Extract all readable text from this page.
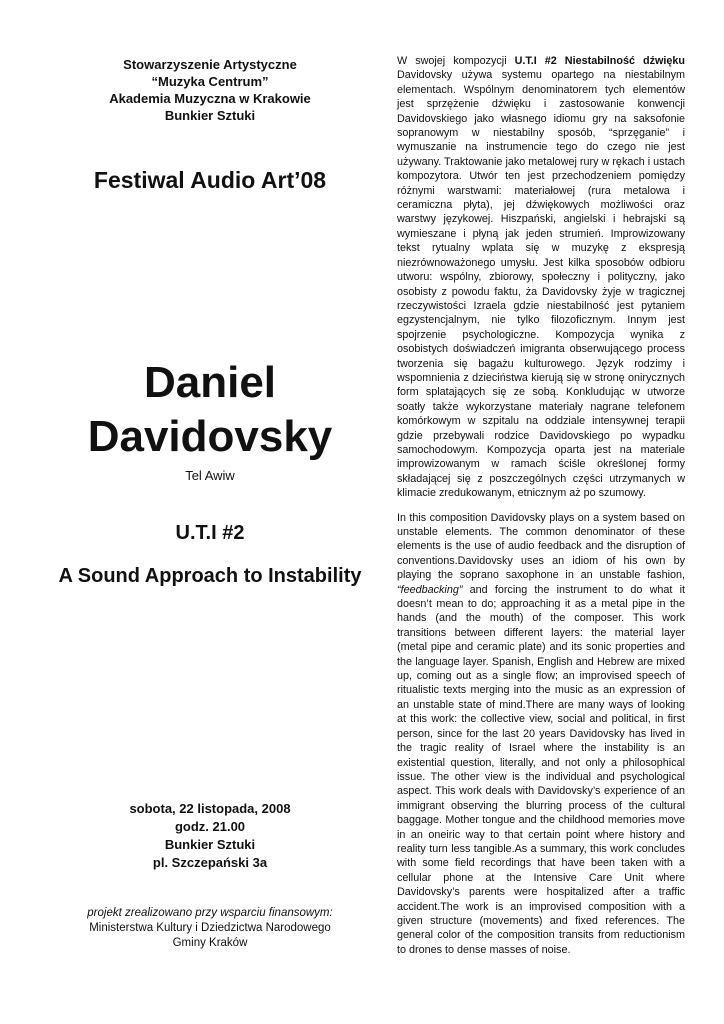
Stowarzyszenie Artystyczne

“Muzyka Centrum”

Akademia Muzyczna w Krakowie

Bunkier Sztuki

Festiwal Audio Art’08
Daniel
Davidovsky
Tel Awiw
U.T.I #2
A Sound Approach to Instability
sobota, 22 listopada, 2008
godz. 21.00
Bunkier Sztuki
pl. Szczepański 3a
projekt zrealizowano przy wsparciu finansowym:
Ministerstwa Kultury i Dziedzictwa Narodowego
Gminy Kraków

W swojej kompozycji U.T.I #2 Niestabilność dźwięku Davidovsky używa systemu opartego na niestabilnym elementach. Wspólnym denominatorem tych elementów jest sprzężenie dźwięku i zastosowanie konwencji Davidovskiego jako własnego idiomu gry na saksofonie sopranowym w niestabilny sposób, “sprzęganie” i wymuszanie na instrumencie tego do czego nie jest używany. Traktowanie jako metalowej rury w rękach i ustach kompozytora. Utwór ten jest przechodzeniem pomiędzy różnymi warstwami: materiałowej (rura metalowa i ceramiczna płyta), jej dźwiękowych możliwości oraz warstwy językowej. Hiszpański, angielski i hebrajski są wymieszane i płyną jak jeden strumień. Improwizowany tekst rytualny wplata się w muzykę z ekspresją niezrównoważonego umysłu. Jest kilka sposobów odbioru utworu: wspólny, zbiorowy, społeczny i polityczny, jako osobisty z powodu faktu, ża Davidovsky żyje w tragicznej rzeczywistości Izraela gdzie niestabilność jest pytaniem egzystencjalnym, nie tylko filozoficznym. Innym jest spojrzenie psychologiczne. Kompozycja wynika z osobistych doświadczeń imigranta obserwującego process tworzenia się bagażu kulturowego. Język rodzimy i wspomnienia z dzieciństwa kierują się w stronę onirycznych form splatających się ze sobą. Konkludując w utworze soatły także wykorzystane materiały nagrane telefonem komórkowym w szpitalu na oddziale intensywnej terapii gdzie przebywali rodzice Davidovskiego po wypadku samochodowym. Kompozycja oparta jest na materiale improwizowanym w ramach ściśle określonej formy składającej się z poszczególnych części utrzymanych w klimacie zredukowanym, etnicznym aż po szumowy.

In this composition Davidovsky plays on a system based on unstable elements. The common denominator of these elements is the use of audio feedback and the disruption of conventions.Davidovsky uses an idiom of his own by playing the soprano saxophone in an unstable fashion, “feedbacking” and forcing the instrument to do what it doesn’t mean to do; approaching it as a metal pipe in the hands (and the mouth) of the composer. This work transitions between different layers: the material layer (metal pipe and ceramic plate) and its sonic properties and the language layer. Spanish, English and Hebrew are mixed up, coming out as a single flow; an improvised speech of ritualistic texts merging into the music as an expression of an unstable state of mind.There are many ways of looking at this work: the collective view, social and political, in first person, since for the last 20 years Davidovsky has lived in the tragic reality of Israel where the instability is an existential question, literally, and not only a philosophical issue. The other view is the individual and psychological aspect. This work deals with Davidovsky’s experience of an immigrant observing the blurring process of the cultural baggage. Mother tongue and the childhood memories move in an oneiric way to that certain point where history and reality turn less tangible.As a summary, this work concludes with some field recordings that have been taken with a cellular phone at the Intensive Care Unit where Davidovsky’s parents were hospitalized after a traffic accident.The work is an improvised composition with a given structure (movements) and fixed references. The general color of the composition transits from reductionism to drones to dense masses of noise.
